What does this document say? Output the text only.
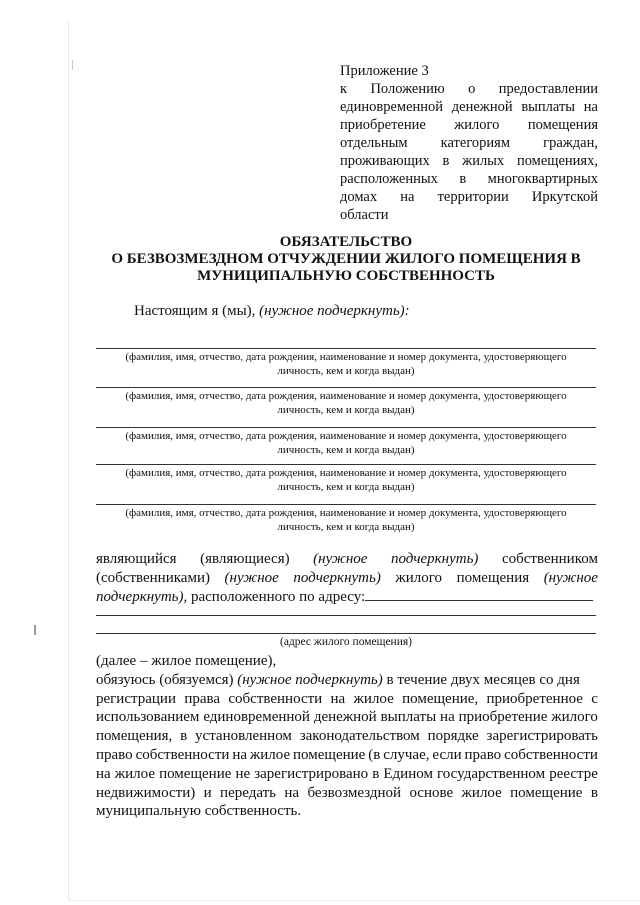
Приложение 3
к Положению о предоставлении
единовременной денежной выплаты на
приобретение жилого помещения
отдельным категориям граждан,
проживающих в жилых помещениях,
расположенных в многоквартирных
домах на территории Иркутской
области
ОБЯЗАТЕЛЬСТВО
О БЕЗВОЗМЕЗДНОМ ОТЧУЖДЕНИИ ЖИЛОГО ПОМЕЩЕНИЯ В
МУНИЦИПАЛЬНУЮ СОБСТВЕННОСТЬ
Настоящим я (мы), (нужное подчеркнуть):
(фамилия, имя, отчество, дата рождения, наименование и номер документа, удостоверяющего
личность, кем и когда выдан)
(фамилия, имя, отчество, дата рождения, наименование и номер документа, удостоверяющего
личность, кем и когда выдан)
(фамилия, имя, отчество, дата рождения, наименование и номер документа, удостоверяющего
личность, кем и когда выдан)
(фамилия, имя, отчество, дата рождения, наименование и номер документа, удостоверяющего
личность, кем и когда выдан)
(фамилия, имя, отчество, дата рождения, наименование и номер документа, удостоверяющего
личность, кем и когда выдан)
являющийся (являющиеся) (нужное подчеркнуть) собственником
(собственниками) (нужное подчеркнуть) жилого помещения (нужное
подчеркнуть), расположенного по адресу:
(адрес жилого помещения)
(далее – жилое помещение),
обязуюсь (обязуемся) (нужное подчеркнуть) в течение двух месяцев со дня
регистрации права собственности на жилое помещение, приобретенное с
использованием единовременной денежной выплаты на приобретение жилого
помещения, в установленном законодательством порядке зарегистрировать
право собственности на жилое помещение (в случае, если право собственности
на жилое помещение не зарегистрировано в Едином государственном реестре
недвижимости) и передать на безвозмездной основе жилое помещение в
муниципальную собственность.
